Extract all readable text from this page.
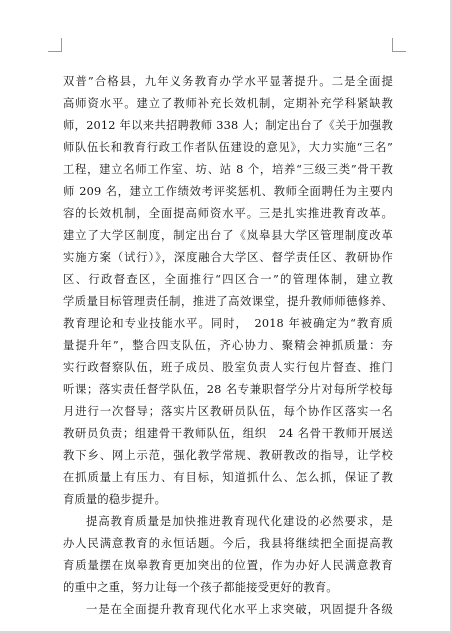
双普”合格县，九年义务教育办学水平显著提升。二是全面提
高师资水平。建立了教师补充长效机制，定期补充学科紧缺教
师，2012 年以来共招聘教师 338 人；制定出台了《关于加强教
师队伍长和教育行政工作者队伍建设的意见》，大力实施“三名”
工程，建立名师工作室、坊、站 8 个，培养“三级三类”骨干教
师 209 名，建立工作绩效考评奖惩机、教师全面聘任为主要内
容的长效机制，全面提高师资水平。三是扎实推进教育改革。
建立了大学区制度，制定出台了《岚皋县大学区管理制度改革
实施方案（试行）》，深度融合大学区、督学责任区、教研协作
区、行政督查区，全面推行“四区合一”的管理体制，建立教
学质量目标管理责任制，推进了高效课堂，提升教师师德修养、
教育理论和专业技能水平。同时，　2018 年被确定为“教育质
量提升年”，整合四支队伍，齐心协力、聚精会神抓质量：夯
实行政督察队伍，班子成员、股室负责人实行包片督查、推门
听课；落实责任督学队伍，28 名专兼职督学分片对每所学校每
月进行一次督导；落实片区教研员队伍，每个协作区落实一名
教研员负责；组建骨干教师队伍，组织　24 名骨干教师开展送
教下乡、网上示范，强化教学常规、教研教改的指导，让学校
在抓质量上有压力、有目标，知道抓什么、怎么抓，保证了教
育质量的稳步提升。
提高教育质量是加快推进教育现代化建设的必然要求，是
办人民满意教育的永恒话题。今后，我县将继续把全面提高教
育质量摆在岚皋教育更加突出的位置，作为办好人民满意教育
的重中之重，努力让每一个孩子都能接受更好的教育。
一是在全面提升教育现代化水平上求突破，巩固提升各级
